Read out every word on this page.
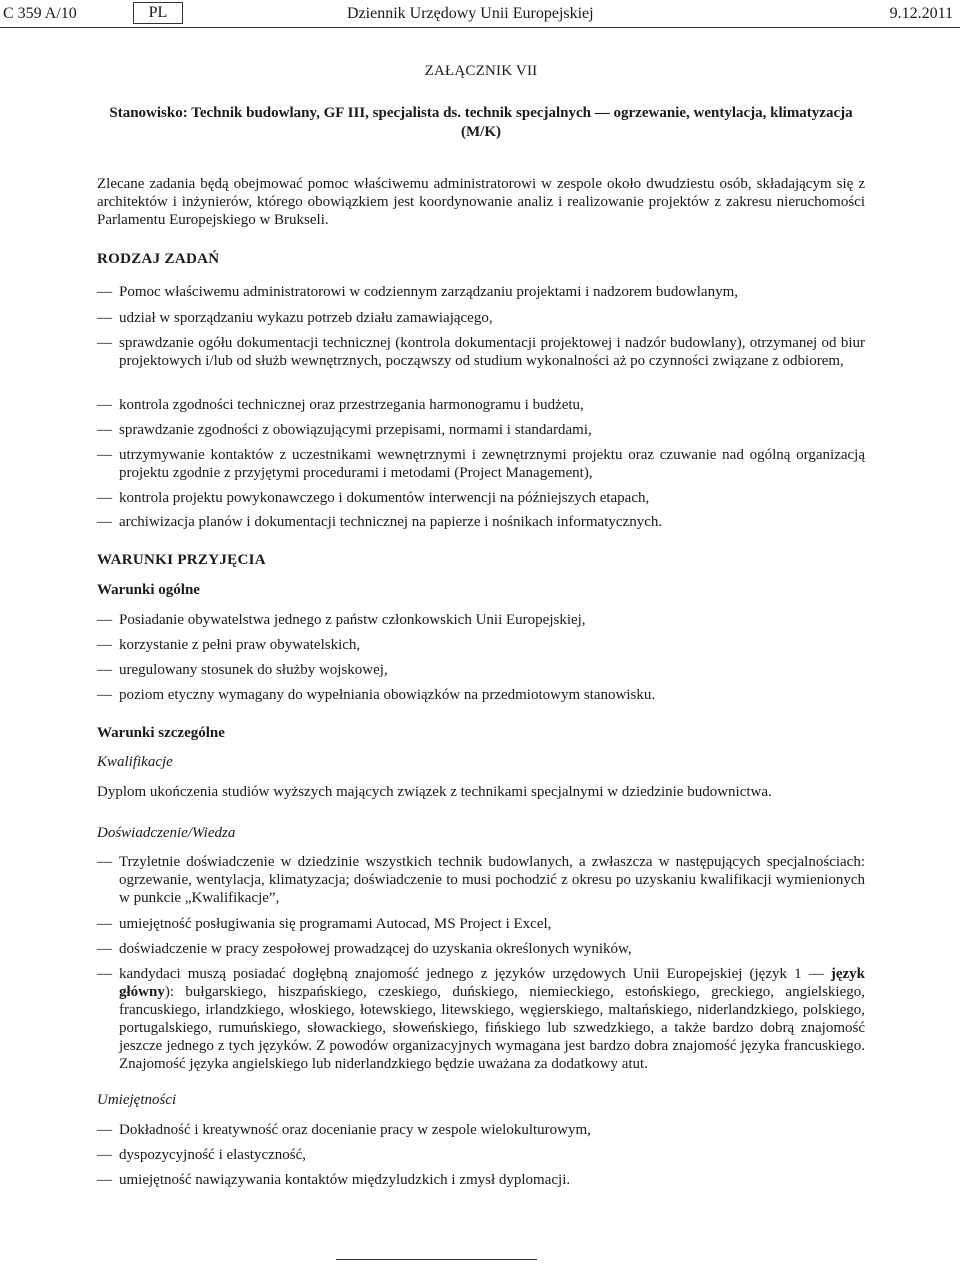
C 359 A/10	PL	Dziennik Urzędowy Unii Europejskiej	9.12.2011
ZAŁĄCZNIK VII
Stanowisko: Technik budowlany, GF III, specjalista ds. technik specjalnych — ogrzewanie, wentylacja, klimatyzacja (M/K)
Zlecane zadania będą obejmować pomoc właściwemu administratorowi w zespole około dwudziestu osób, składającym się z architektów i inżynierów, którego obowiązkiem jest koordynowanie analiz i realizowanie projektów z zakresu nieruchomości Parlamentu Europejskiego w Brukseli.
RODZAJ ZADAŃ
— Pomoc właściwemu administratorowi w codziennym zarządzaniu projektami i nadzorem budowlanym,
— udział w sporządzaniu wykazu potrzeb działu zamawiającego,
— sprawdzanie ogółu dokumentacji technicznej (kontrola dokumentacji projektowej i nadzór budowlany), otrzymanej od biur projektowych i/lub od służb wewnętrznych, począwszy od studium wykonalności aż po czynności związane z odbiorem,
— kontrola zgodności technicznej oraz przestrzegania harmonogramu i budżetu,
— sprawdzanie zgodności z obowiązującymi przepisami, normami i standardami,
— utrzymywanie kontaktów z uczestnikami wewnętrznymi i zewnętrznymi projektu oraz czuwanie nad ogólną organizacją projektu zgodnie z przyjętymi procedurami i metodami (Project Management),
— kontrola projektu powykonawczego i dokumentów interwencji na późniejszych etapach,
— archiwizacja planów i dokumentacji technicznej na papierze i nośnikach informatycznych.
WARUNKI PRZYJĘCIA
Warunki ogólne
— Posiadanie obywatelstwa jednego z państw członkowskich Unii Europejskiej,
— korzystanie z pełni praw obywatelskich,
— uregulowany stosunek do służby wojskowej,
— poziom etyczny wymagany do wypełniania obowiązków na przedmiotowym stanowisku.
Warunki szczególne
Kwalifikacje
Dyplom ukończenia studiów wyższych mających związek z technikami specjalnymi w dziedzinie budownictwa.
Doświadczenie/Wiedza
— Trzyletnie doświadczenie w dziedzinie wszystkich technik budowlanych, a zwłaszcza w następujących specjalnościach: ogrzewanie, wentylacja, klimatyzacja; doświadczenie to musi pochodzić z okresu po uzyskaniu kwalifikacji wymienionych w punkcie „Kwalifikacje”,
— umiejętność posługiwania się programami Autocad, MS Project i Excel,
— doświadczenie w pracy zespołowej prowadzącej do uzyskania określonych wyników,
— kandydaci muszą posiadać dogłębną znajomość jednego z języków urzędowych Unii Europejskiej (język 1 — język główny): bułgarskiego, hiszpańskiego, czeskiego, duńskiego, niemieckiego, estońskiego, greckiego, angielskiego, francuskiego, irlandzkiego, włoskiego, łotewskiego, litewskiego, węgierskiego, maltańskiego, niderlandzkiego, polskiego, portugalskiego, rumuńskiego, słowackiego, słoweńskiego, fińskiego lub szwedzkiego, a także bardzo dobrą znajomość jeszcze jednego z tych języków. Z powodów organizacyjnych wymagana jest bardzo dobra znajomość języka francuskiego. Znajomość języka angielskiego lub niderlandzkiego będzie uważana za dodatkowy atut.
Umiejętności
— Dokładność i kreatywność oraz docenianie pracy w zespole wielokulturowym,
— dyspozycyjność i elastyczność,
— umiejętność nawiązywania kontaktów międzyludzkich i zmysł dyplomacji.
